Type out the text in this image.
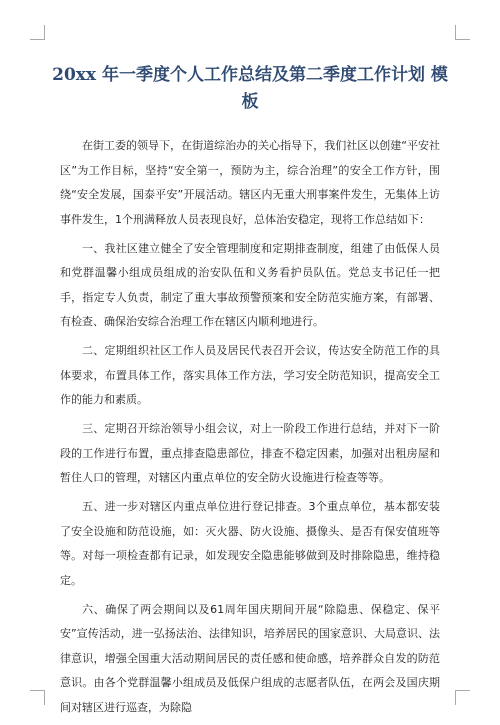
20xx 年一季度个人工作总结及第二季度工作计划 模板

在街工委的领导下，在街道综治办的关心指导下，我们社区以创建“平安社区”为工作目标，坚持“安全第一，预防为主，综合治理”的安全工作方针，围绕“安全发展，国泰平安”开展活动。辖区内无重大刑事案件发生，无集体上访事件发生，1个刑满释放人员表现良好，总体治安稳定，现将工作总结如下：

一、我社区建立健全了安全管理制度和定期排查制度，组建了由低保人员和党群温馨小组成员组成的治安队伍和义务看护员队伍。党总支书记任一把手，指定专人负责，制定了重大事故预警预案和安全防范实施方案，有部署、有检查、确保治安综合治理工作在辖区内顺利地进行。

二、定期组织社区工作人员及居民代表召开会议，传达安全防范工作的具体要求，布置具体工作，落实具体工作方法，学习安全防范知识，提高安全工作的能力和素质。

三、定期召开综治领导小组会议，对上一阶段工作进行总结，并对下一阶段的工作进行布置，重点排查隐患部位，排查不稳定因素，加强对出租房屋和暂住人口的管理，对辖区内重点单位的安全防火设施进行检查等等。

五、进一步对辖区内重点单位进行登记排查。3个重点单位，基本都安装了安全设施和防范设施，如：灭火器、防火设施、摄像头、是否有保安值班等等。对每一项检查都有记录，如发现安全隐患能够做到及时排除隐患，维持稳定。

六、确保了两会期间以及61周年国庆期间开展“除隐患、保稳定、保平安”宣传活动，进一弘扬法治、法律知识，培养居民的国家意识、大局意识、法律意识，增强全国重大活动期间居民的责任感和使命感，培养群众自发的防范意识。由各个党群温馨小组成员及低保户组成的志愿者队伍，在两会及国庆期间对辖区进行巡查，为除隐
